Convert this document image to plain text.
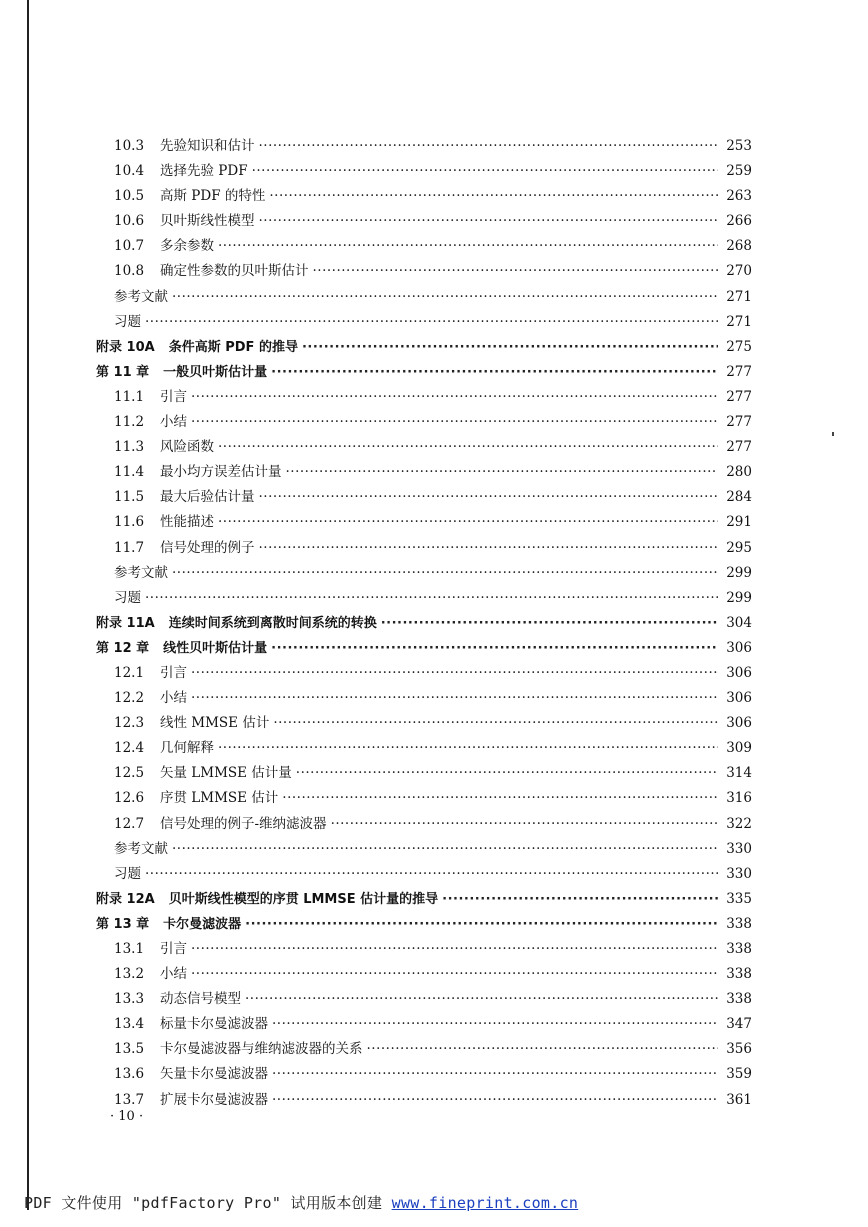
10.3	先验知识和估计 ·····	253
10.4	选择先验 PDF ·····	259
10.5	高斯 PDF 的特性 ·····	263
10.6	贝叶斯线性模型 ·····	266
10.7	多余参数 ·····	268
10.8	确定性参数的贝叶斯估计 ·····	270
参考文献 ·····	271
习题 ·····	271
附录 10A 条件高斯 PDF 的推导 ·····	275
第 11 章 一般贝叶斯估计量 ·····	277
11.1	引言 ·····	277
11.2	小结 ·····	277
11.3	风险函数 ·····	277
11.4	最小均方误差估计量 ·····	280
11.5	最大后验估计量 ·····	284
11.6	性能描述 ·····	291
11.7	信号处理的例子 ·····	295
参考文献 ·····	299
习题 ·····	299
附录 11A 连续时间系统到离散时间系统的转换 ·····	304
第 12 章 线性贝叶斯估计量 ·····	306
12.1	引言 ·····	306
12.2	小结 ·····	306
12.3	线性 MMSE 估计 ·····	306
12.4	几何解释 ·····	309
12.5	矢量 LMMSE 估计量 ·····	314
12.6	序贯 LMMSE 估计 ·····	316
12.7	信号处理的例子-维纳滤波器 ·····	322
参考文献 ·····	330
习题 ·····	330
附录 12A 贝叶斯线性模型的序贯 LMMSE 估计量的推导 ·····	335
第 13 章 卡尔曼滤波器 ·····	338
13.1	引言 ·····	338
13.2	小结 ·····	338
13.3	动态信号模型 ·····	338
13.4	标量卡尔曼滤波器 ·····	347
13.5	卡尔曼滤波器与维纳滤波器的关系 ·····	356
13.6	矢量卡尔曼滤波器 ·····	359
13.7	扩展卡尔曼滤波器 ·····	361
· 10 ·
PDF 文件使用 "pdfFactory Pro" 试用版本创建 www.fineprint.com.cn
